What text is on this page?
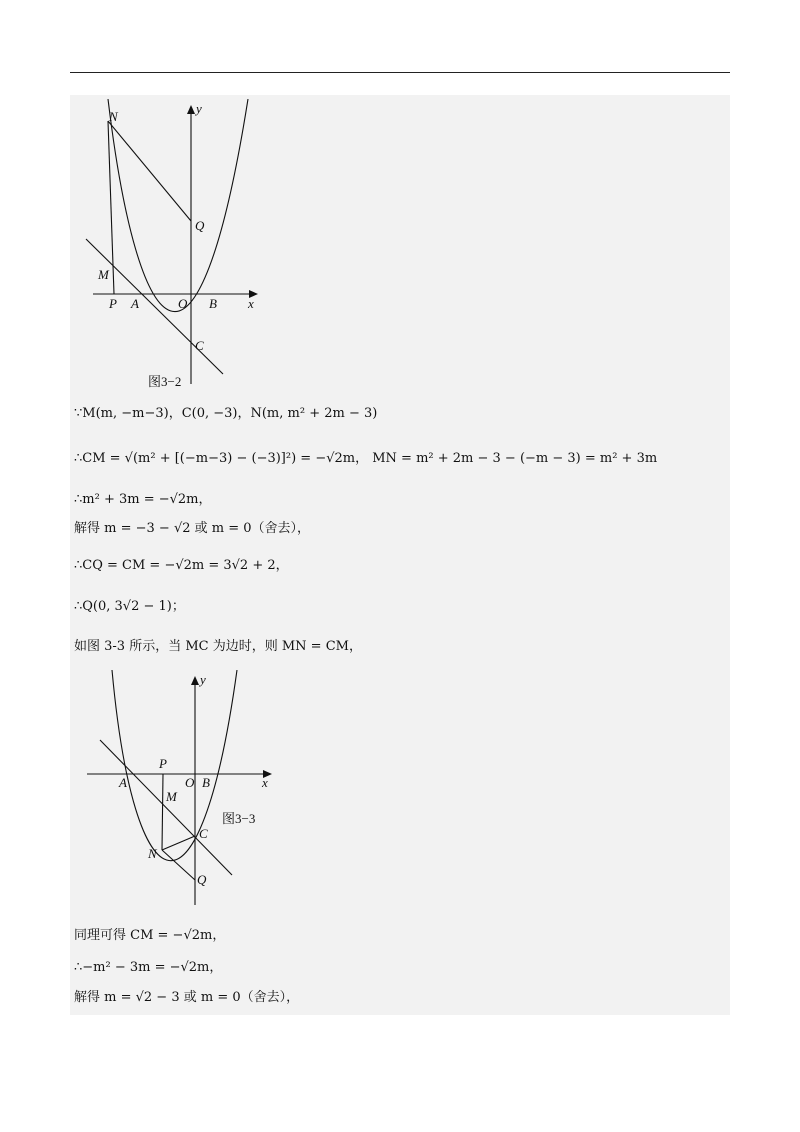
N
y
Q
M
P A	O B x
C
图3−2
∵M(m, −m−3)，C(0, −3)，N(m, m² + 2m − 3)
∴CM = √(m² + [(−m−3) − (−3)]²) = −√2m， MN = m² + 2m − 3 − (−m − 3) = m² + 3m
∴m² + 3m = −√2m，
解得 m = −3 − √2 或 m = 0（舍去），
∴CQ = CM = −√2m = 3√2 + 2，
∴Q(0, 3√2 − 1)；
如图 3-3 所示，当 MC 为边时，则 MN = CM，
y
P
A	O B	x
M
C
N
Q
图3−3
同理可得 CM = −√2m，
∴−m² − 3m = −√2m，
解得 m = √2 − 3 或 m = 0（舍去），
